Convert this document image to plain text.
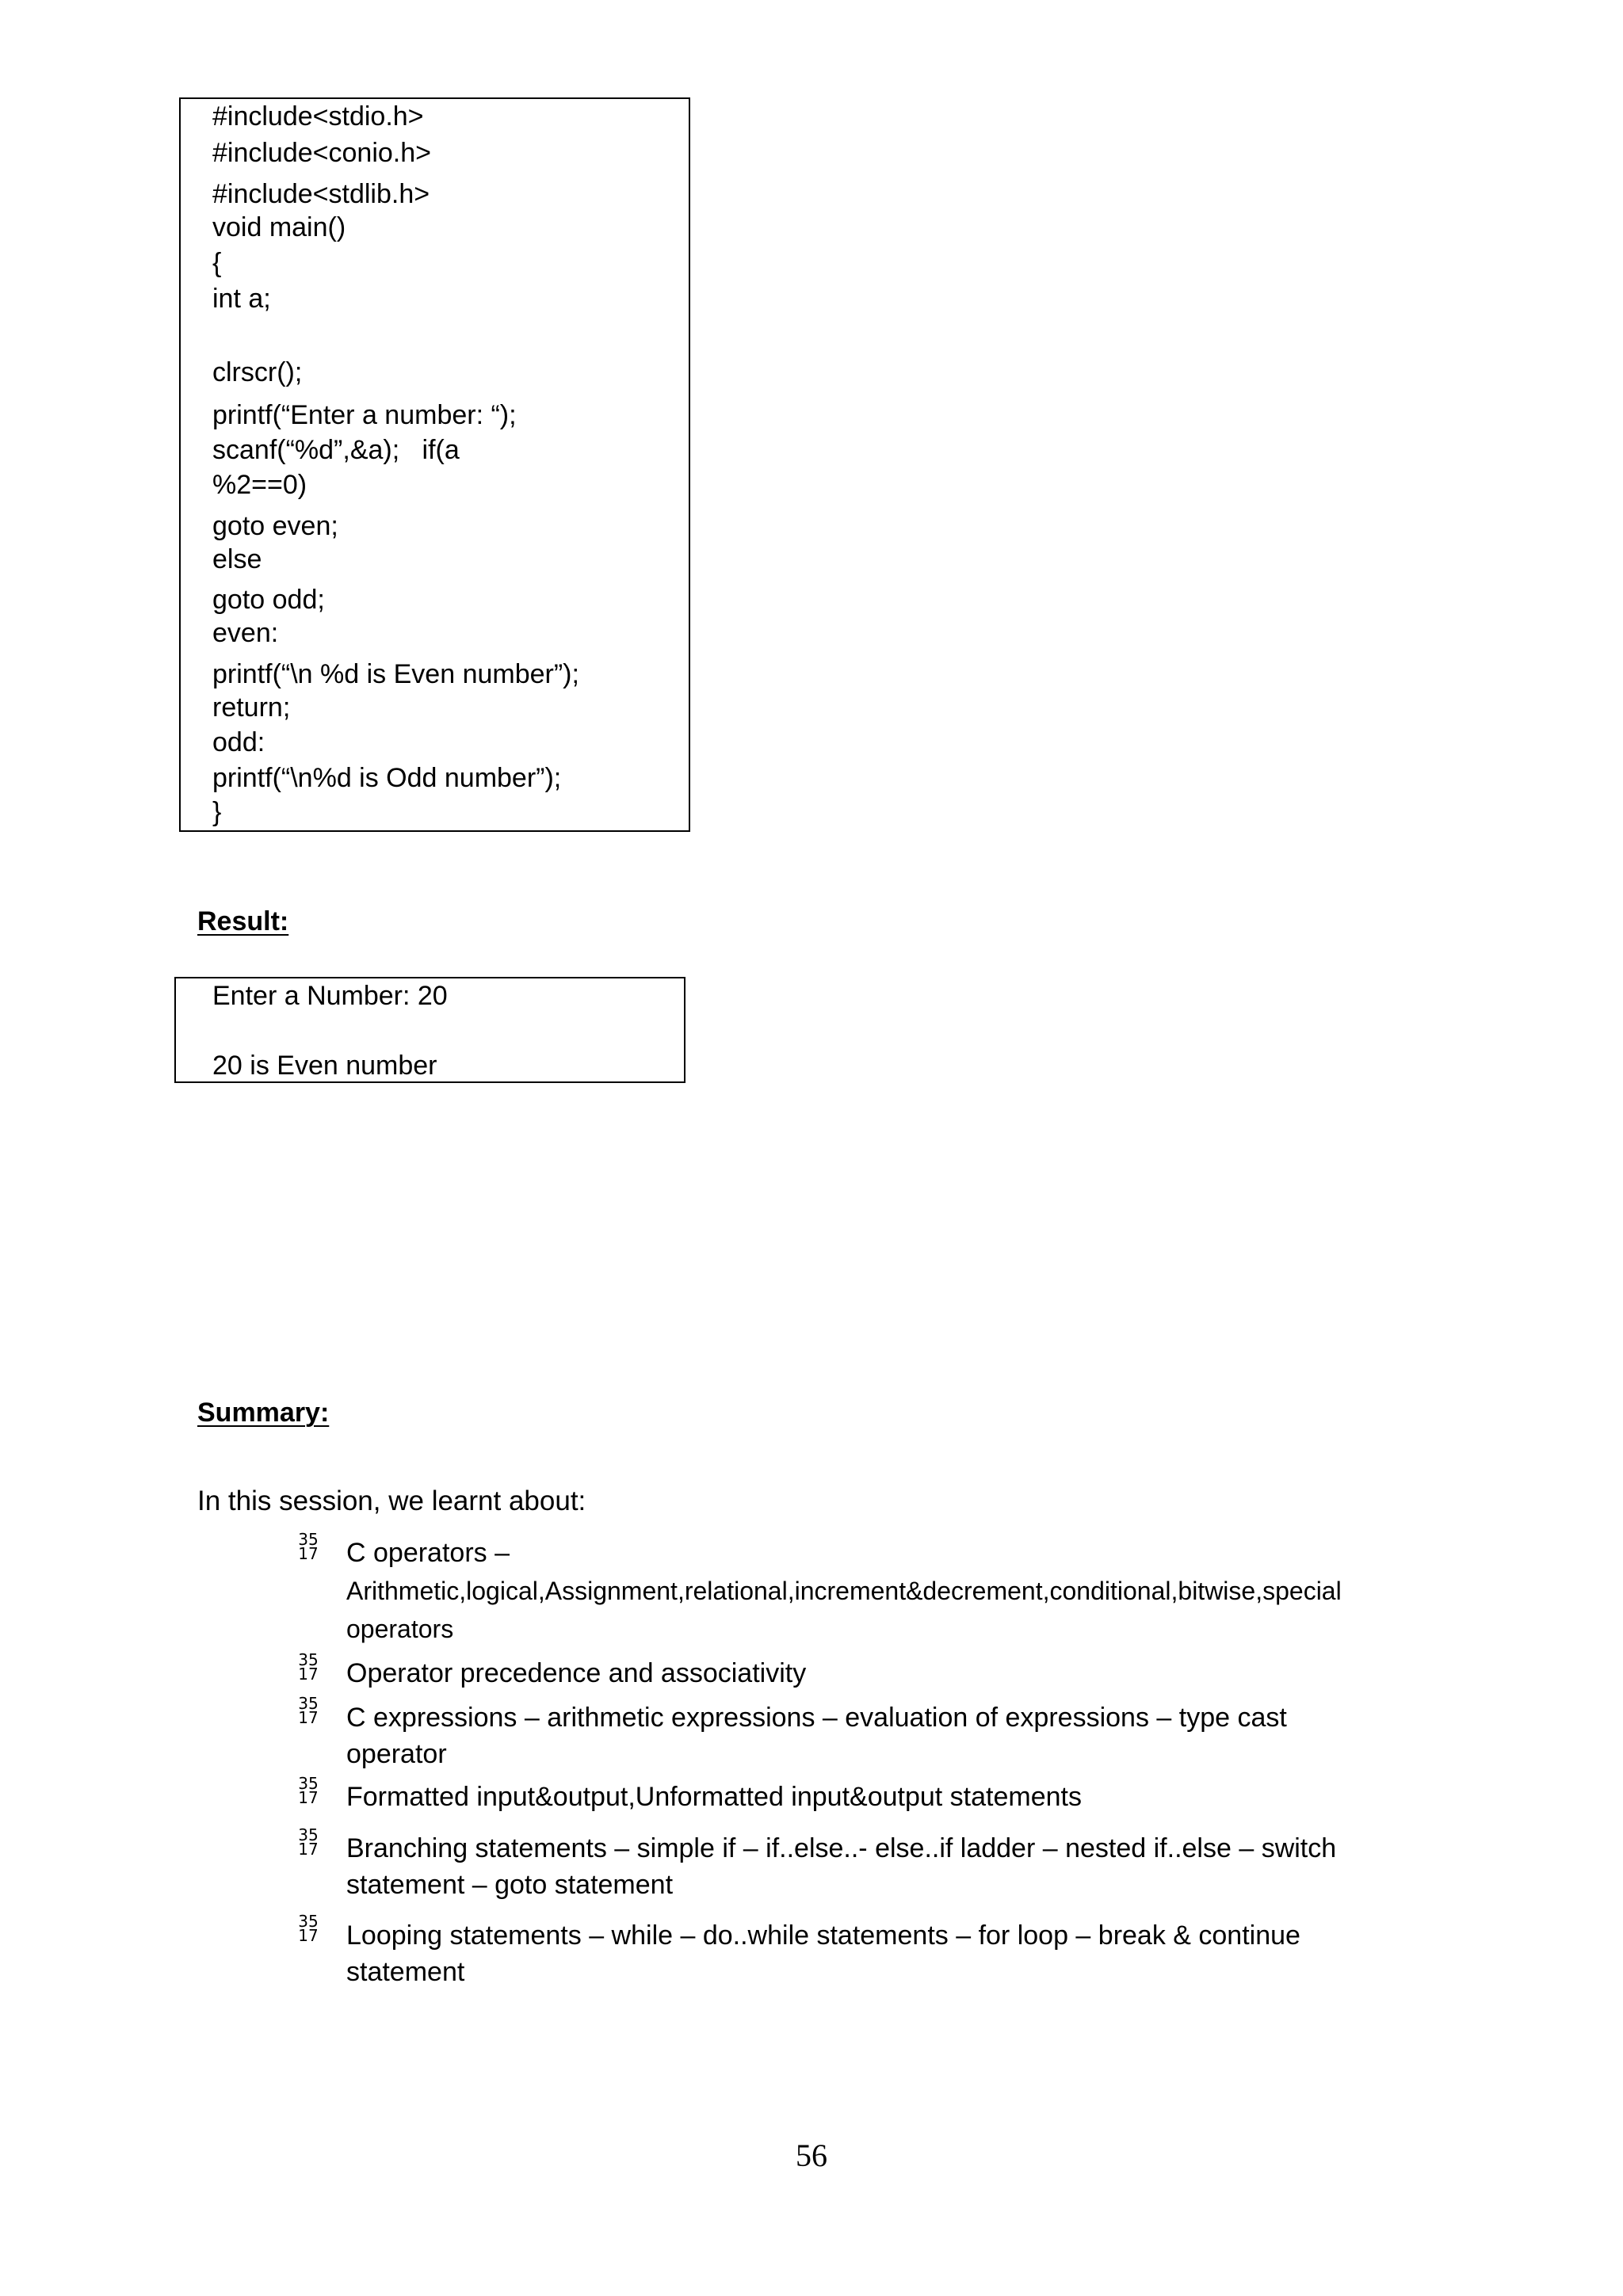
#include<stdio.h>
#include<conio.h>
#include<stdlib.h>
void main()
{
int a;
clrscr();
printf(“Enter a number: “);
scanf(“%d”,&a);   if(a
%2==0)
goto even;
else
goto odd;
even:
printf(“\n %d is Even number”);
return;
odd:
printf(“\n%d is Odd number”);
}
Result:
Enter a Number: 20
20 is Even number
Summary:
In this session, we learnt about:
35
17 C operators –
Arithmetic,logical,Assignment,relational,increment&decrement,conditional,bitwise,special operators
35
17 Operator precedence and associativity
35
17 C expressions – arithmetic expressions – evaluation of expressions – type cast operator
35
17 Formatted input&output,Unformatted input&output statements
35
17 Branching statements – simple if – if..else..- else..if ladder – nested if..else – switch statement – goto statement
35
17 Looping statements – while – do..while statements – for loop – break & continue statement
56
